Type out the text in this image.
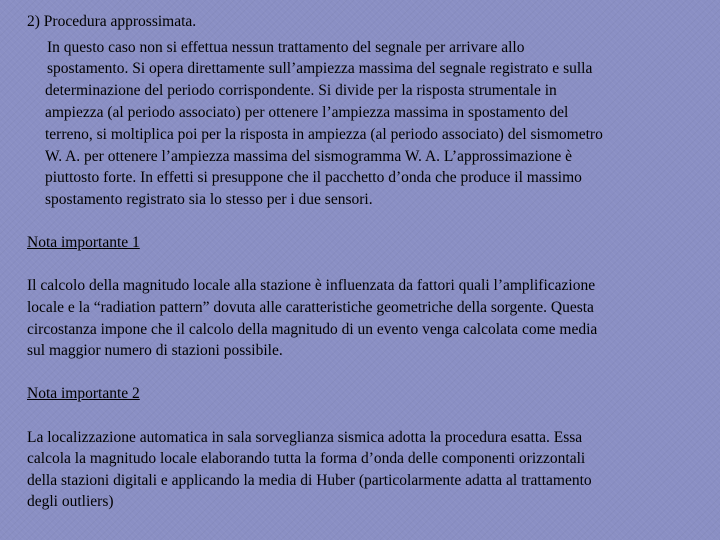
2) Procedura approssimata.

In questo caso non si effettua nessun trattamento del segnale per arrivare allo

spostamento. Si opera direttamente sull’ampiezza massima del segnale registrato e sulla

determinazione del periodo corrispondente. Si divide per la risposta strumentale in

ampiezza (al periodo associato) per ottenere l’ampiezza massima in spostamento del

terreno, si moltiplica poi per la risposta in ampiezza (al periodo associato) del sismometro

W. A. per ottenere l’ampiezza massima del sismogramma W. A. L’approssimazione è

piuttosto forte. In effetti si presuppone che il pacchetto d’onda che produce il massimo

spostamento registrato sia lo stesso per i due sensori.

Nota importante 1

Il calcolo della magnitudo locale alla stazione è influenzata da fattori quali l’amplificazione

locale e la “radiation pattern” dovuta alle caratteristiche geometriche della sorgente. Questa

circostanza impone che il calcolo della magnitudo di un evento venga calcolata come media

sul maggior numero di stazioni possibile.

Nota importante 2

La localizzazione automatica in sala sorveglianza sismica adotta la procedura esatta. Essa

calcola la magnitudo locale elaborando tutta la forma d’onda delle componenti orizzontali

della stazioni digitali e applicando la media di Huber (particolarmente adatta al trattamento

degli outliers)
